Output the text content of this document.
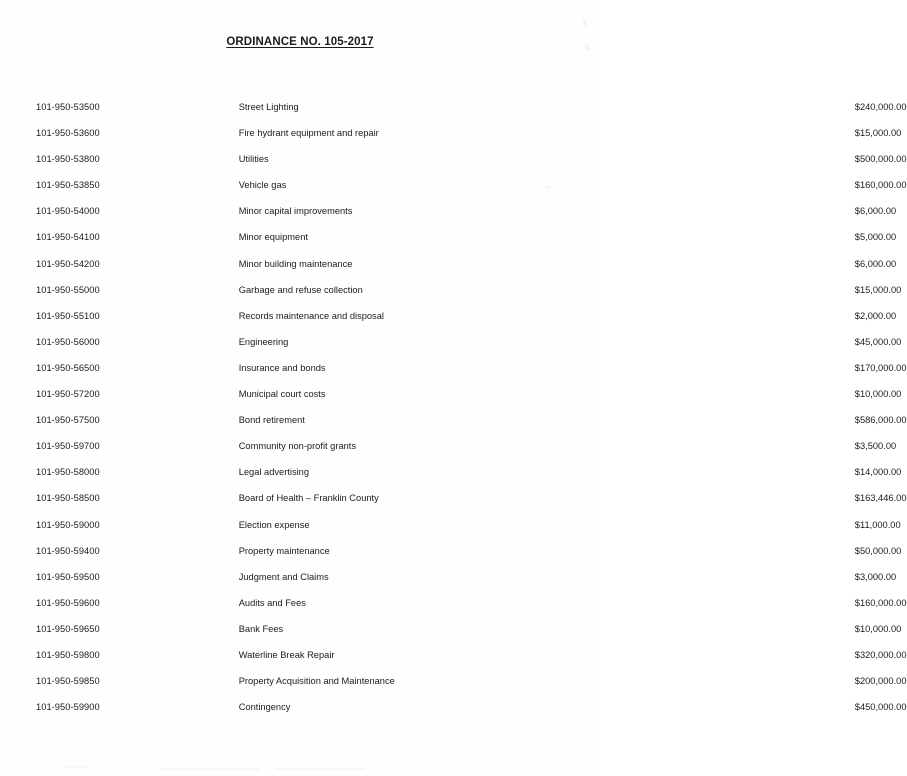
ORDINANCE NO. 105-2017
101-950-53500	Street Lighting	$240,000.00
101-950-53600	Fire hydrant equipment and repair	$15,000.00
101-950-53800	Utilities	$500,000.00
101-950-53850	Vehicle gas	$160,000.00
101-950-54000	Minor capital improvements	$6,000.00
101-950-54100	Minor equipment	$5,000.00
101-950-54200	Minor building maintenance	$6,000.00
101-950-55000	Garbage and refuse collection	$15,000.00
101-950-55100	Records maintenance and disposal	$2,000.00
101-950-56000	Engineering	$45,000.00
101-950-56500	Insurance and bonds	$170,000.00
101-950-57200	Municipal court costs	$10,000.00
101-950-57500	Bond retirement	$586,000.00
101-950-59700	Community non-profit grants	$3,500.00
101-950-58000	Legal advertising	$14,000.00
101-950-58500	Board of Health – Franklin County	$163,446.00
101-950-59000	Election expense	$11,000.00
101-950-59400	Property maintenance	$50,000.00
101-950-59500	Judgment and Claims	$3,000.00
101-950-59600	Audits and Fees	$160,000.00
101-950-59650	Bank Fees	$10,000.00
101-950-59800	Waterline Break Repair	$320,000.00
101-950-59850	Property Acquisition and Maintenance	$200,000.00
101-950-59900	Contingency	$450,000.00
